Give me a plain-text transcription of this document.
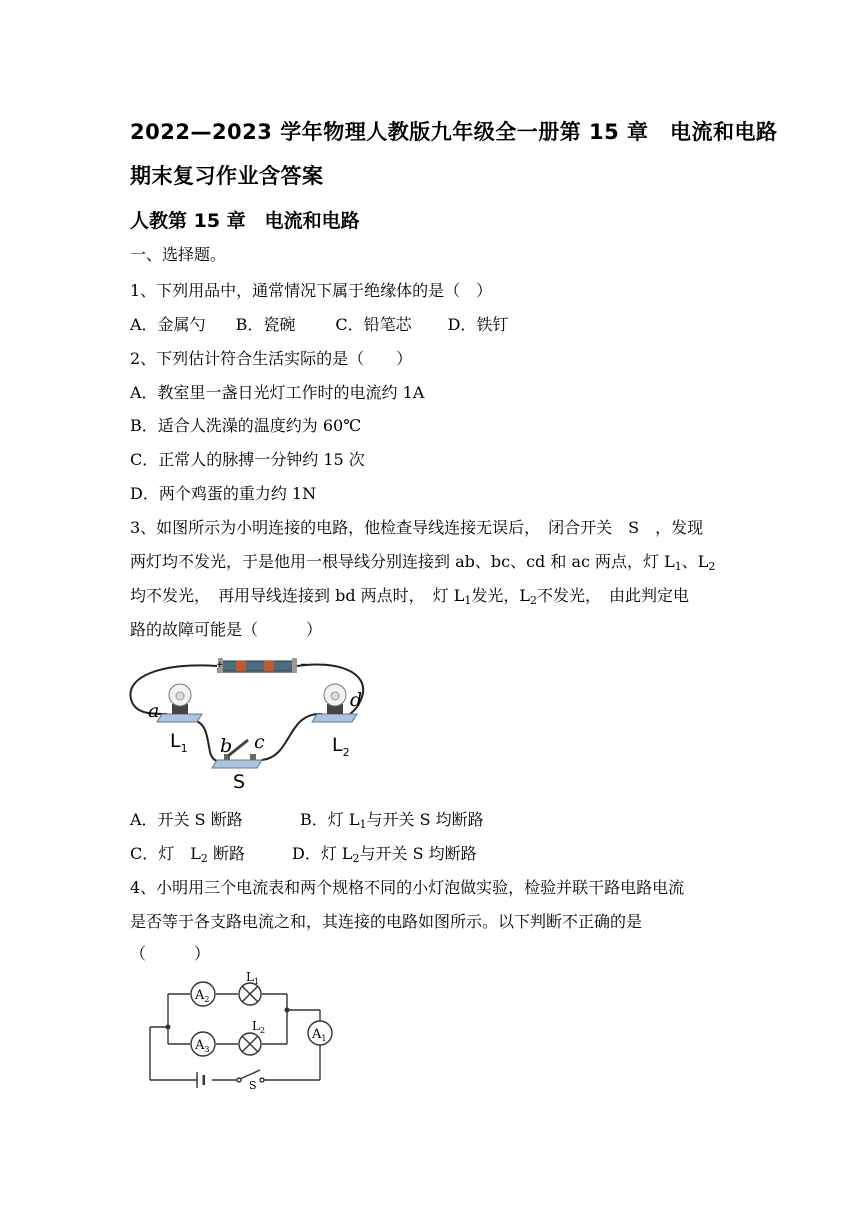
2022—2023 学年物理人教版九年级全一册第 15 章　电流和电路
期末复习作业含答案
人教第 15 章　电流和电路
一、选择题。
1、下列用品中，通常情况下属于绝缘体的是（　）
A．金属勺 B．瓷碗	C．铅笔芯 D．铁钉
2、下列估计符合生活实际的是（　　）
A．教室里一盏日光灯工作时的电流约 1A
B．适合人洗澡的温度约为 60℃
C．正常人的脉搏一分钟约 15 次
D．两个鸡蛋的重力约 1N
3、如图所示为小明连接的电路，他检查导线连接无误后，　闭合开关　S　，发现
两灯均不发光，于是他用一根导线分别连接到 ab、bc、cd 和 ac 两点，灯 $L_1$、$L_2$
均不发光，　再用导线连接到 bd 两点时，　灯 $L_1$发光，$L_2$不发光，　由此判定电
路的故障可能是（　　　）
+	−
a	d
b c
$L_1$	$L_2$
S
A．开关 S 断路	B．灯 $L_1$与开关 S 均断路
C．灯　$L_2$ 断路	D．灯 $L_2$与开关 S 均断路
4、小明用三个电流表和两个规格不同的小灯泡做实验，检验并联干路电路电流
是否等于各支路电流之和，其连接的电路如图所示。以下判断不正确的是
（　　　）
S
$A_2$
$A_3$
$A_1$
$L_1$
$L_2$
